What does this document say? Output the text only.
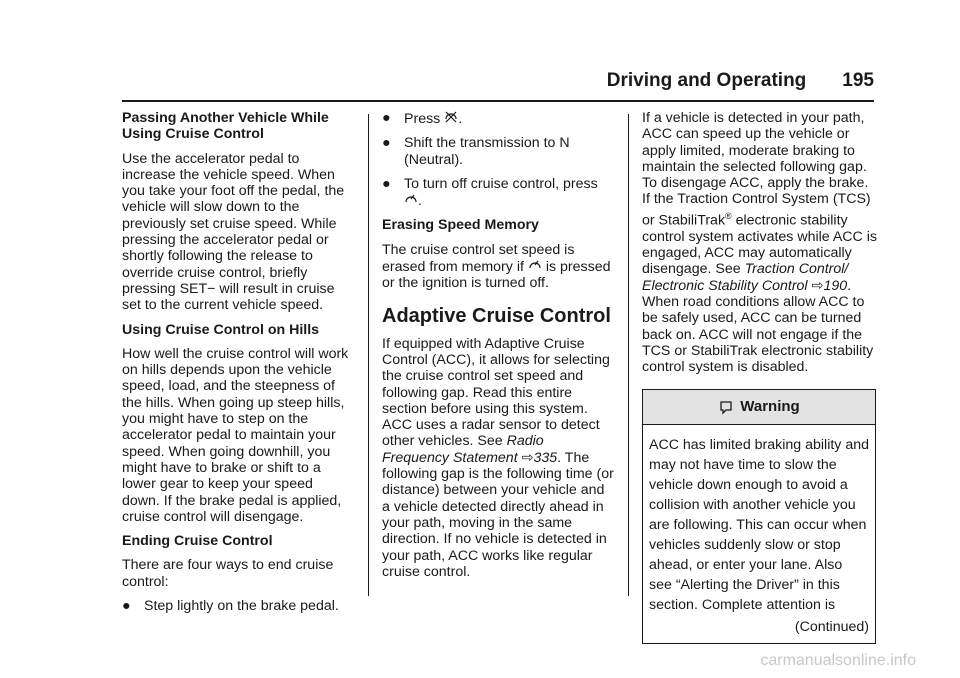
Driving and Operating 195

Passing Another Vehicle While Using Cruise Control

Use the accelerator pedal to increase the vehicle speed. When you take your foot off the pedal, the vehicle will slow down to the previously set cruise speed. While pressing the accelerator pedal or shortly following the release to override cruise control, briefly pressing SET− will result in cruise set to the current vehicle speed.

Using Cruise Control on Hills

How well the cruise control will work on hills depends upon the vehicle speed, load, and the steepness of the hills. When going up steep hills, you might have to step on the accelerator pedal to maintain your speed. When going downhill, you might have to brake or shift to a lower gear to keep your speed down. If the brake pedal is applied, cruise control will disengage.

Ending Cruise Control

There are four ways to end cruise control:

● Step lightly on the brake pedal.
● Press .
● Shift the transmission to N (Neutral).
● To turn off cruise control, press .

Erasing Speed Memory

The cruise control set speed is erased from memory if is pressed or the ignition is turned off.

Adaptive Cruise Control

If equipped with Adaptive Cruise Control (ACC), it allows for selecting the cruise control set speed and following gap. Read this entire section before using this system. ACC uses a radar sensor to detect other vehicles. See Radio Frequency Statement ⇨335. The following gap is the following time (or distance) between your vehicle and a vehicle detected directly ahead in your path, moving in the same direction. If no vehicle is detected in your path, ACC works like regular cruise control.

If a vehicle is detected in your path, ACC can speed up the vehicle or apply limited, moderate braking to maintain the selected following gap. To disengage ACC, apply the brake. If the Traction Control System (TCS) or StabiliTrak® electronic stability control system activates while ACC is engaged, ACC may automatically disengage. See Traction Control/ Electronic Stability Control ⇨190. When road conditions allow ACC to be safely used, ACC can be turned back on. ACC will not engage if the TCS or StabiliTrak electronic stability control system is disabled.

Warning
ACC has limited braking ability and may not have time to slow the vehicle down enough to avoid a collision with another vehicle you are following. This can occur when vehicles suddenly slow or stop ahead, or enter your lane. Also see “Alerting the Driver” in this section. Complete attention is
(Continued)
carmanualsonline.info
